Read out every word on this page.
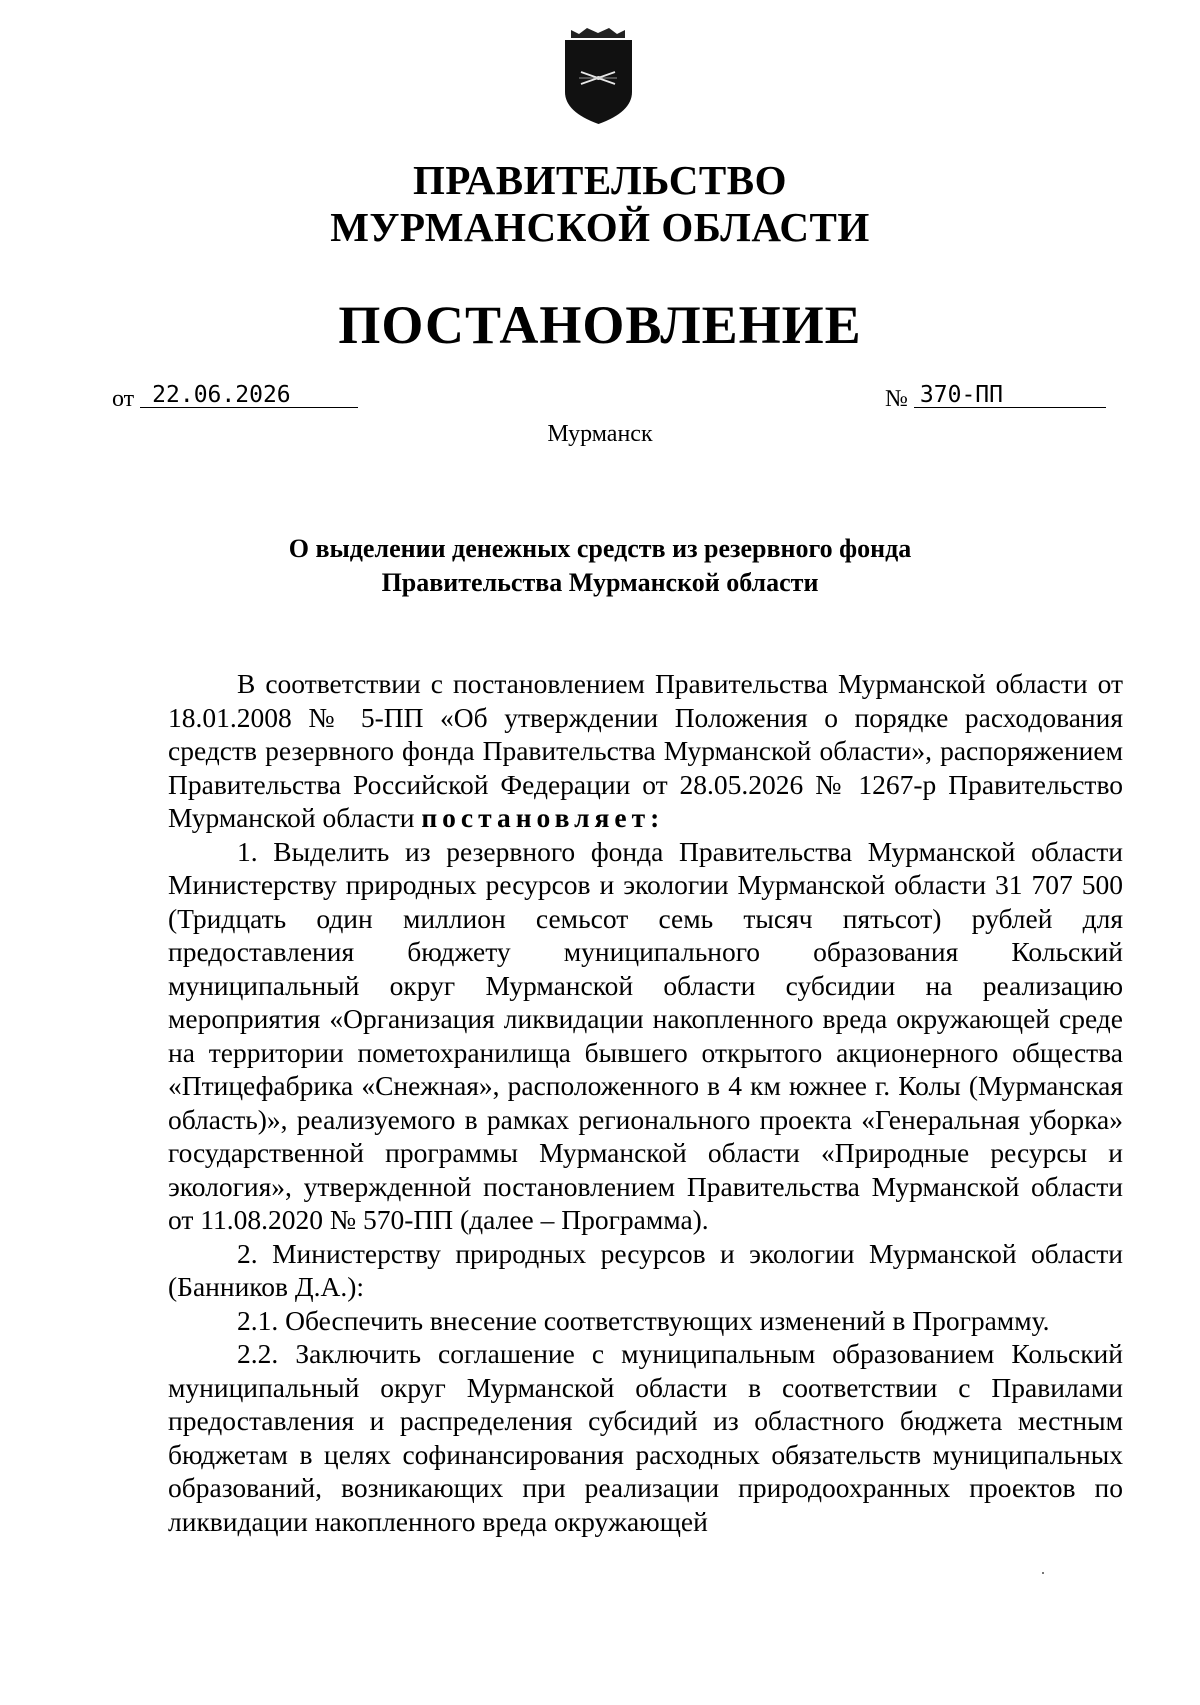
ПРАВИТЕЛЬСТВО
МУРМАНСКОЙ ОБЛАСТИ
ПОСТАНОВЛЕНИЕ
от 22.06.2026	№ 370-ПП
Мурманск
О выделении денежных средств из резервного фонда
Правительства Мурманской области

В соответствии с постановлением Правительства Мурманской области от 18.01.2008 № 5-ПП «Об утверждении Положения о порядке расходования средств резервного фонда Правительства Мурманской области», распоряжением Правительства Российской Федерации от 28.05.2026 № 1267-р Правительство Мурманской области постановляет:

1. Выделить из резервного фонда Правительства Мурманской области Министерству природных ресурсов и экологии Мурманской области 31 707 500 (Тридцать один миллион семьсот семь тысяч пятьсот) рублей для предоставления бюджету муниципального образования Кольский муниципальный округ Мурманской области субсидии на реализацию мероприятия «Организация ликвидации накопленного вреда окружающей среде на территории пометохранилища бывшего открытого акционерного общества «Птицефабрика «Снежная», расположенного в 4 км южнее г. Колы (Мурманская область)», реализуемого в рамках регионального проекта «Генеральная уборка» государственной программы Мурманской области «Природные ресурсы и экология», утвержденной постановлением Правительства Мурманской области от 11.08.2020 № 570-ПП (далее – Программа).

2. Министерству природных ресурсов и экологии Мурманской области (Банников Д.А.):

2.1. Обеспечить внесение соответствующих изменений в Программу.

2.2. Заключить соглашение с муниципальным образованием Кольский муниципальный округ Мурманской области в соответствии с Правилами предоставления и распределения субсидий из областного бюджета местным бюджетам в целях софинансирования расходных обязательств муниципальных образований, возникающих при реализации природоохранных проектов по ликвидации накопленного вреда окружающей
